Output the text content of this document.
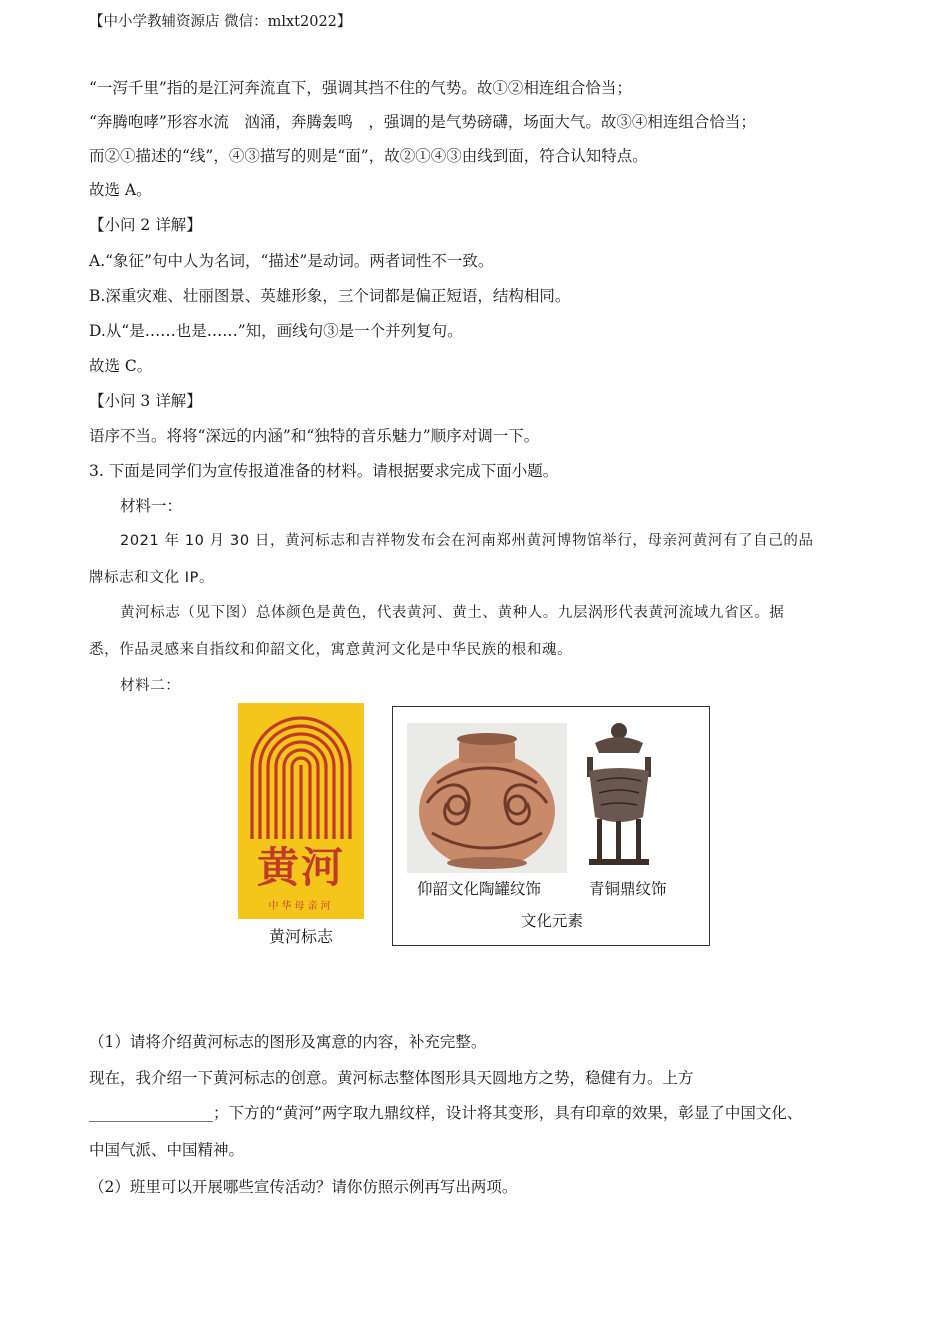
【中小学教辅资源店 微信：mlxt2022】
“一泻千里”指的是江河奔流直下，强调其挡不住的气势。故①②相连组合恰当；
“奔腾咆哮”形容水流　汹涌，奔腾轰鸣　，强调的是气势磅礴，场面大气。故③④相连组合恰当；
而②①描述的“线”，④③描写的则是“面”，故②①④③由线到面，符合认知特点。
故选 A。
【小问 2 详解】
A.“象征”句中人为名词，“描述”是动词。两者词性不一致。
B.深重灾难、壮丽图景、英雄形象，三个词都是偏正短语，结构相同。
D.从“是……也是……”知，画线句③是一个并列复句。
故选 C。
【小问 3 详解】
语序不当。将将“深远的内涵”和“独特的音乐魅力”顺序对调一下。
3. 下面是同学们为宣传报道准备的材料。请根据要求完成下面小题。
材料一：
2021 年 10 月 30 日，黄河标志和吉祥物发布会在河南郑州黄河博物馆举行，母亲河黄河有了自己的品
牌标志和文化 IP。
黄河标志（见下图）总体颜色是黄色，代表黄河、黄土、黄种人。九层涡形代表黄河流域九省区。据
悉，作品灵感来自指纹和仰韶文化，寓意黄河文化是中华民族的根和魂。
材料二：
黄河
中华母亲河
黄河标志
仰韶文化陶罐纹饰	青铜鼎纹饰
文化元素
（1）请将介绍黄河标志的图形及寓意的内容，补充完整。
现在，我介绍一下黄河标志的创意。黄河标志整体图形具天圆地方之势，稳健有力。上方
________________；下方的“黄河”两字取九鼎纹样，设计将其变形，具有印章的效果，彰显了中国文化、
中国气派、中国精神。
（2）班里可以开展哪些宣传活动？请你仿照示例再写出两项。
